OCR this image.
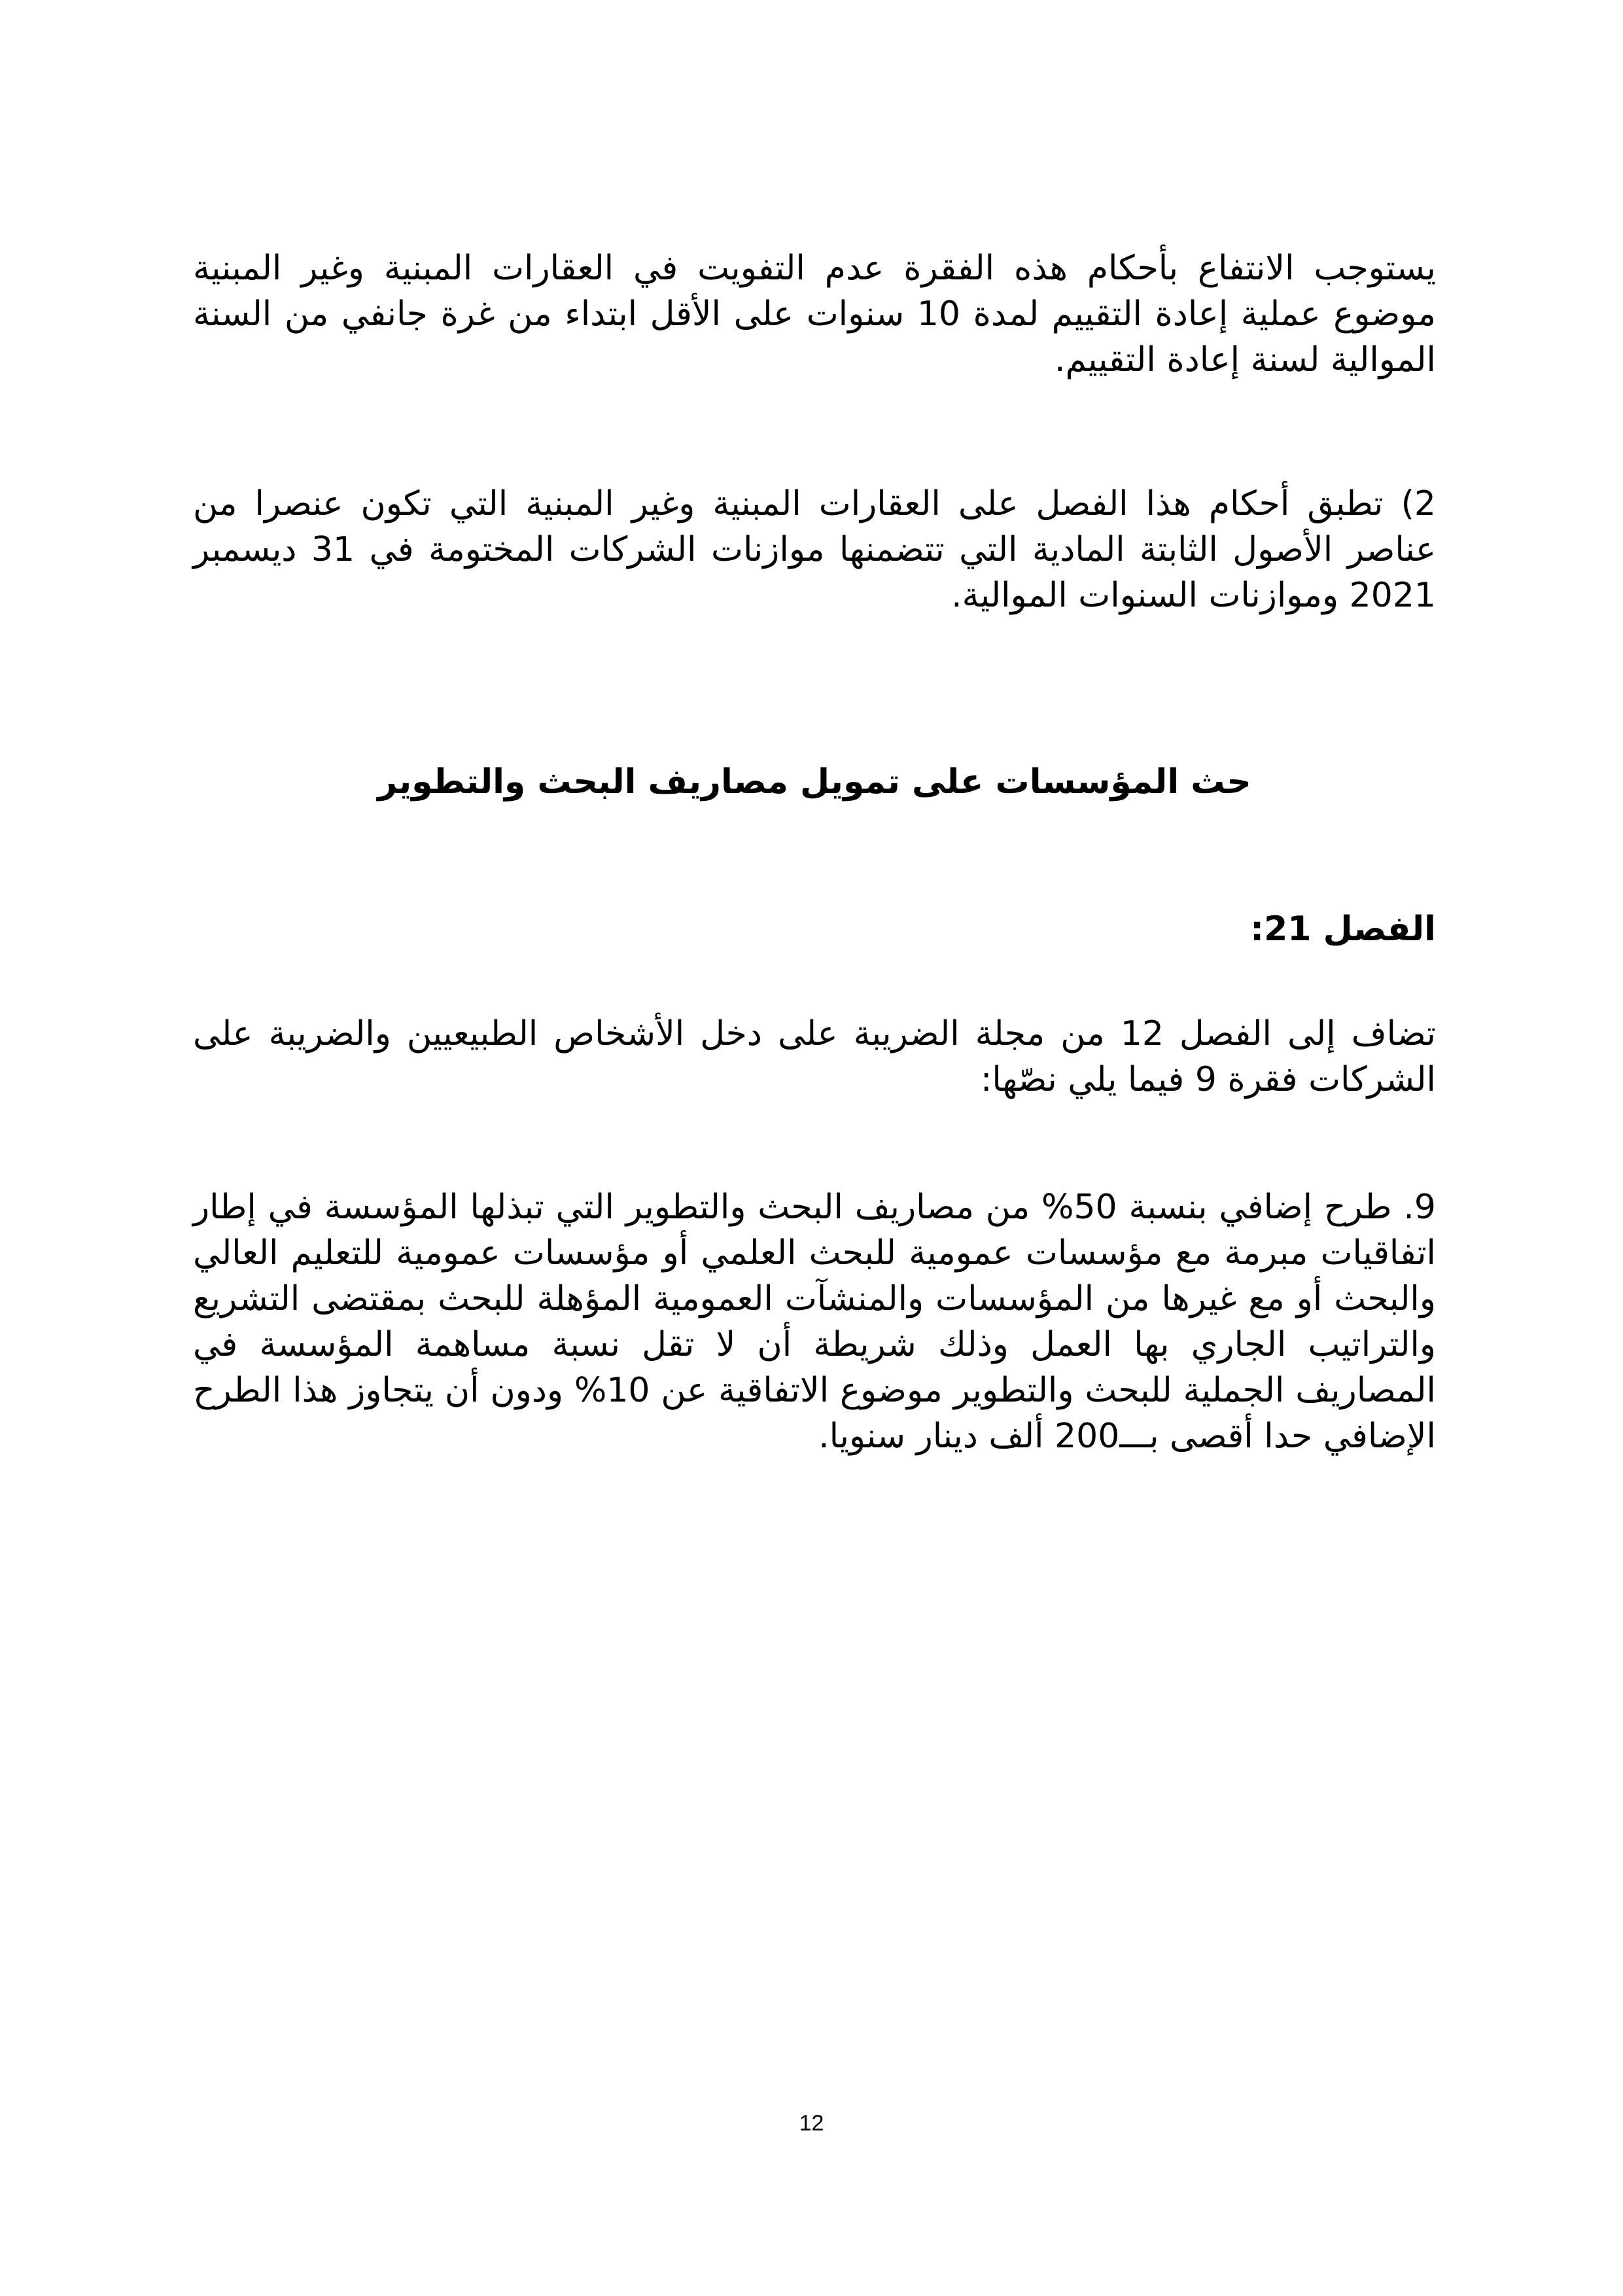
يستوجب الانتفاع بأحكام هذه الفقرة عدم التفويت في العقارات المبنية وغير المبنية موضوع عملية إعادة التقييم لمدة 10 سنوات على الأقل ابتداء من غرة جانفي من السنة الموالية لسنة إعادة التقييم.

2) تطبق أحكام هذا الفصل على العقارات المبنية وغير المبنية التي تكون عنصرا من عناصر الأصول الثابتة المادية التي تتضمنها موازنات الشركات المختومة في 31 ديسمبر 2021 وموازنات السنوات الموالية.
حث المؤسسات على تمويل مصاريف البحث والتطوير
الفصل 21:

تضاف إلى الفصل 12 من مجلة الضريبة على دخل الأشخاص الطبيعيين والضريبة على الشركات فقرة 9 فيما يلي نصّها:

9. طرح إضافي بنسبة 50% من مصاريف البحث والتطوير التي تبذلها المؤسسة في إطار اتفاقيات مبرمة مع مؤسسات عمومية للبحث العلمي أو مؤسسات عمومية للتعليم العالي والبحث أو مع غيرها من المؤسسات والمنشآت العمومية المؤهلة للبحث بمقتضى التشريع والتراتيب الجاري بها العمل وذلك شريطة أن لا تقل نسبة مساهمة المؤسسة في المصاريف الجملية للبحث والتطوير موضوع الاتفاقية عن 10% ودون أن يتجاوز هذا الطرح الإضافي حدا أقصى بـــ200 ألف دينار سنويا.

12
